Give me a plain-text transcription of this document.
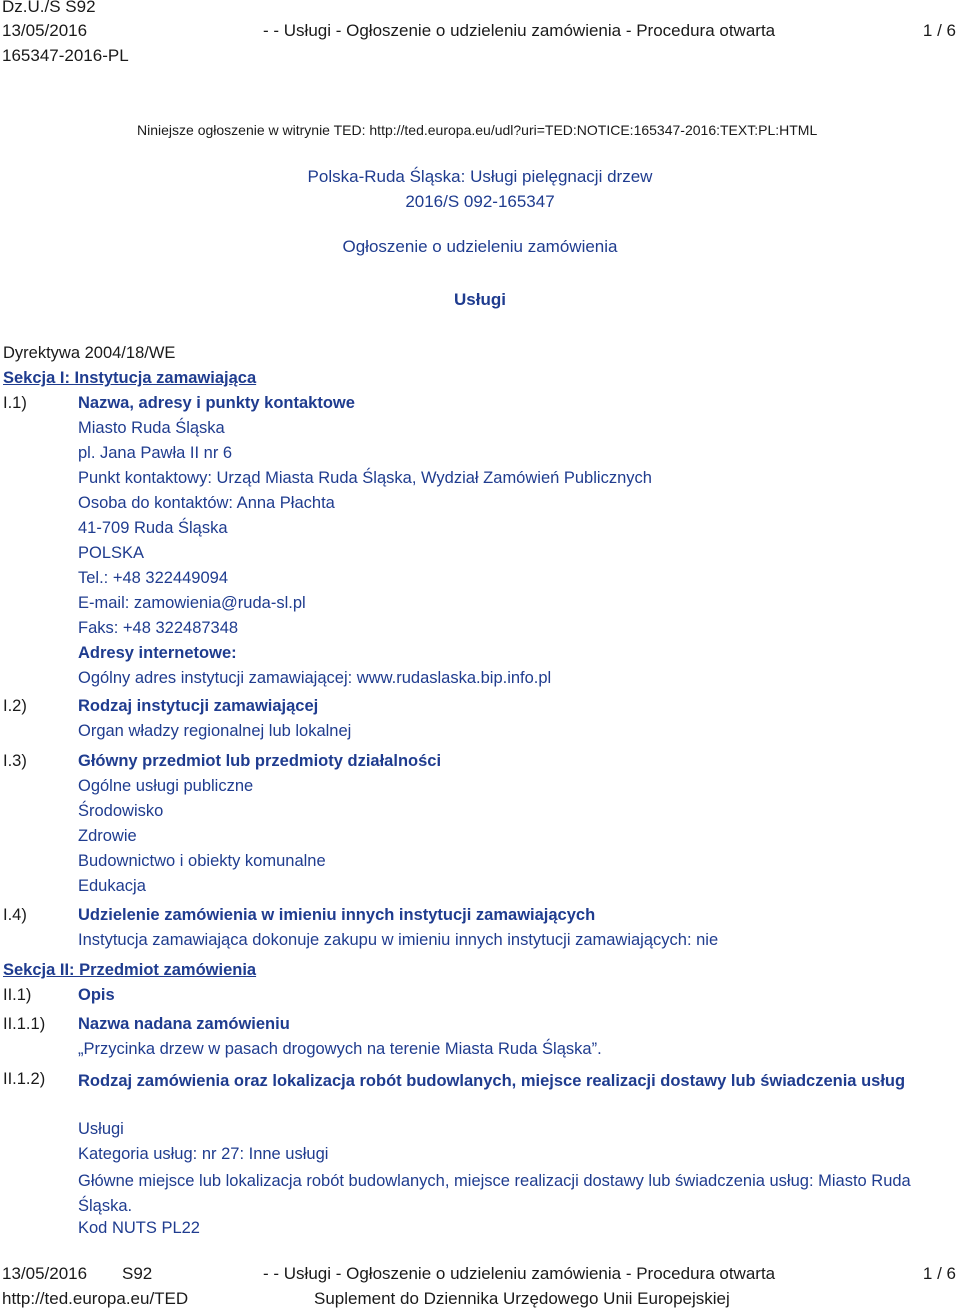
Dz.U./S S92
13/05/2016
165347-2016-PL
- - Usługi - Ogłoszenie o udzieleniu zamówienia - Procedura otwarta	1 / 6
Niniejsze ogłoszenie w witrynie TED: http://ted.europa.eu/udl?uri=TED:NOTICE:165347-2016:TEXT:PL:HTML
Polska-Ruda Śląska: Usługi pielęgnacji drzew
2016/S 092-165347
Ogłoszenie o udzieleniu zamówienia
Usługi
Dyrektywa 2004/18/WE
Sekcja I: Instytucja zamawiająca
I.1)	Nazwa, adresy i punkty kontaktowe
Miasto Ruda Śląska
pl. Jana Pawła II nr 6
Punkt kontaktowy: Urząd Miasta Ruda Śląska, Wydział Zamówień Publicznych
Osoba do kontaktów: Anna Płachta
41-709 Ruda Śląska
POLSKA
Tel.: +48 322449094
E-mail: zamowienia@ruda-sl.pl
Faks: +48 322487348
Adresy internetowe:
Ogólny adres instytucji zamawiającej: www.rudaslaska.bip.info.pl
I.2)	Rodzaj instytucji zamawiającej
Organ władzy regionalnej lub lokalnej
I.3)	Główny przedmiot lub przedmioty działalności
Ogólne usługi publiczne
Środowisko
Zdrowie
Budownictwo i obiekty komunalne
Edukacja
I.4)	Udzielenie zamówienia w imieniu innych instytucji zamawiających
Instytucja zamawiająca dokonuje zakupu w imieniu innych instytucji zamawiających: nie
Sekcja II: Przedmiot zamówienia
II.1)	Opis
II.1.1) Nazwa nadana zamówieniu
„Przycinka drzew w pasach drogowych na terenie Miasta Ruda Śląska”.
II.1.2) Rodzaj zamówienia oraz lokalizacja robót budowlanych, miejsce realizacji dostawy lub świadczenia usług
Usługi
Kategoria usług: nr 27: Inne usługi
Główne miejsce lub lokalizacja robót budowlanych, miejsce realizacji dostawy lub świadczenia usług: Miasto Ruda Śląska.
Kod NUTS PL22
13/05/2016 S92	- - Usługi - Ogłoszenie o udzieleniu zamówienia - Procedura otwarta	1 / 6
http://ted.europa.eu/TED	Suplement do Dziennika Urzędowego Unii Europejskiej
